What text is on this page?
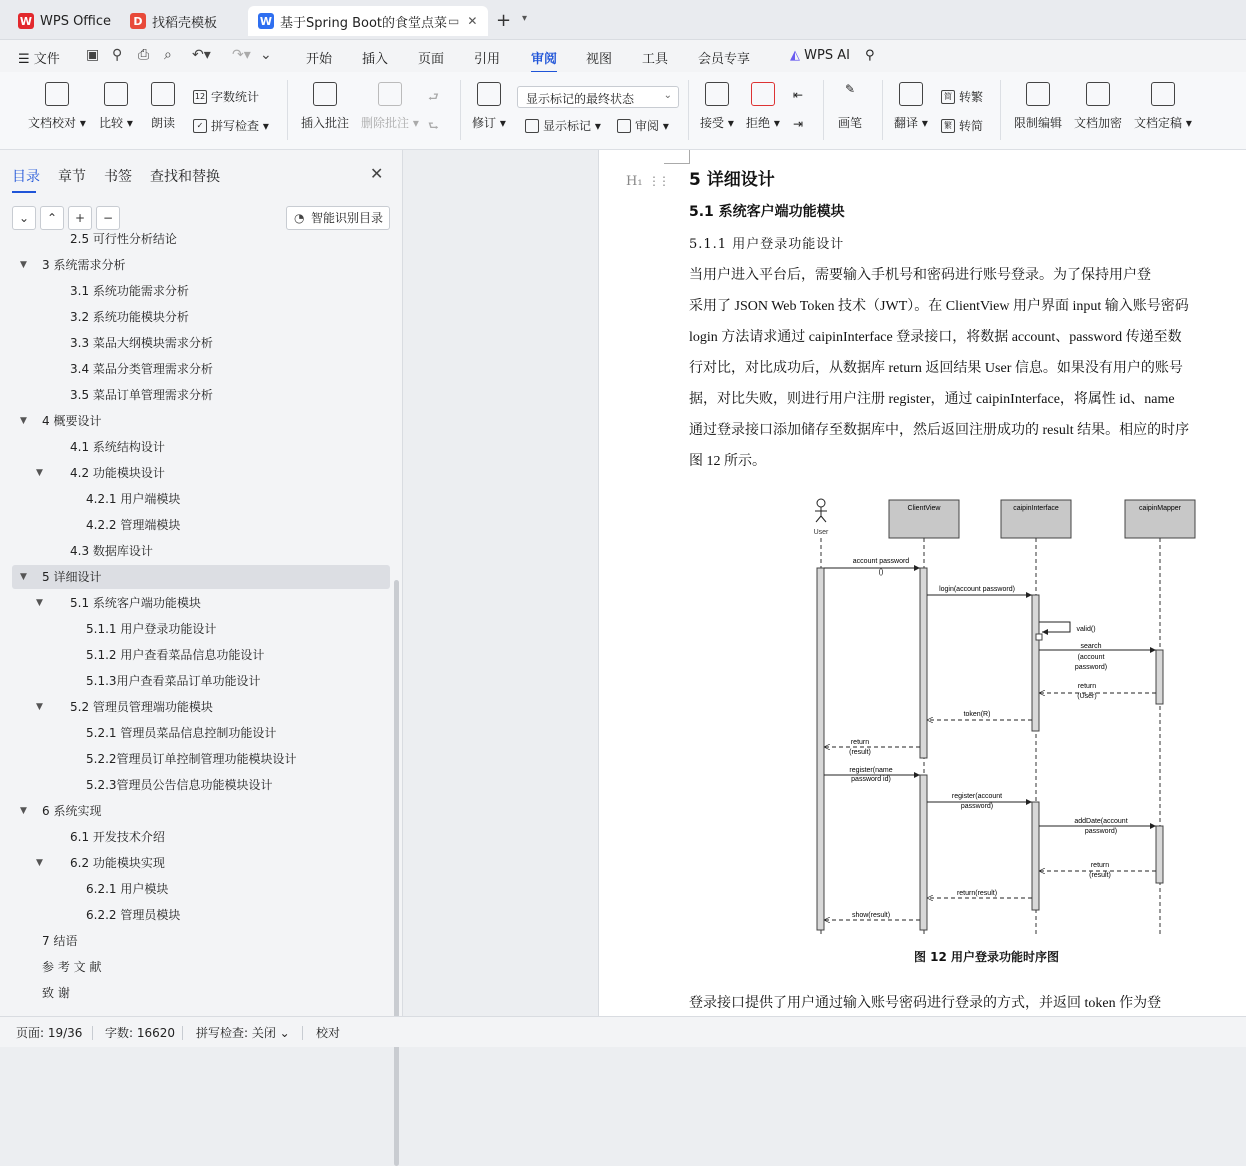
W WPS Office	D 找稻壳模板	W 基于Spring Boot的食堂点菜 ▭ ✕ + ▾
☰ 文件 ▣ ⚲ ⎙ ⌕ ↶▾ ↷▾ ⌄	开始 插入 页面 引用 审阅 视图 工具 会员专享	◭ WPS AI ⚲
文档校对 ▾ 比较 ▾ 朗读
12 字数统计
✓ 拼写检查 ▾	插入批注 删除批注 ▾
⮐
⮑	修订 ▾	显示标记 ▾	审阅 ▾	接受 ▾ 拒绝 ▾
⇤
⇥
✎
画笔	翻译 ▾
简 转繁
繁 转简	限制编辑 文档加密 文档定稿 ▾
显示标记的最终状态	⌄
目录 章节 书签 查找和替换	✕
⌄	⌃	+	−
◔	智能识别目录
2.5 可行性分析结论
▼ 3 系统需求分析
3.1 系统功能需求分析
3.2 系统功能模块分析
3.3 菜品大纲模块需求分析
3.4 菜品分类管理需求分析
3.5 菜品订单管理需求分析
▼ 4 概要设计
4.1 系统结构设计
▼ 4.2 功能模块设计
4.2.1 用户端模块
4.2.2 管理端模块
4.3 数据库设计
▼ 5 详细设计
▼ 5.1 系统客户端功能模块
5.1.1 用户登录功能设计
5.1.2 用户查看菜品信息功能设计
5.1.3用户查看菜品订单功能设计
▼ 5.2 管理员管理端功能模块
5.2.1 管理员菜品信息控制功能设计
5.2.2管理员订单控制管理功能模块设计
5.2.3管理员公告信息功能模块设计
▼ 6 系统实现
6.1 开发技术介绍
▼ 6.2 功能模块实现
6.2.1 用户模块
6.2.2 管理员模块
7 结语
参 考 文 献
致 谢
H₁ ⋮⋮ 5 详细设计
5.1 系统客户端功能模块
5.1.1 用户登录功能设计
当用户进入平台后，需要输入手机号和密码进行账号登录。为了保持用户登
采用了 JSON Web Token 技术（JWT）。在 ClientView 用户界面 input 输入账号密码
login 方法请求通过 caipinInterface 登录接口，将数据 account、password 传递至数
行对比，对比成功后，从数据库 return 返回结果 User 信息。如果没有用户的账号
据，对比失败，则进行用户注册 register，通过 caipinInterface，将属性 id、name
通过登录接口添加储存至数据库中，然后返回注册成功的 result 结果。相应的时序
图 12 所示。
User
ClientView	caipinInterface	caipinMapper
account password
()
login(account password)
valid()
search
(account
password)
return
(User)
token(R)
return
(result)
register(name
password id)
register(account
password)
addDate(account
password)
return
(result)
return(result)
show(result)
图 12 用户登录功能时序图
登录接口提供了用户通过输入账号密码进行登录的方式，并返回 token 作为登
页面: 19/36 字数: 16620 拼写检查: 关闭 ⌄ 校对
